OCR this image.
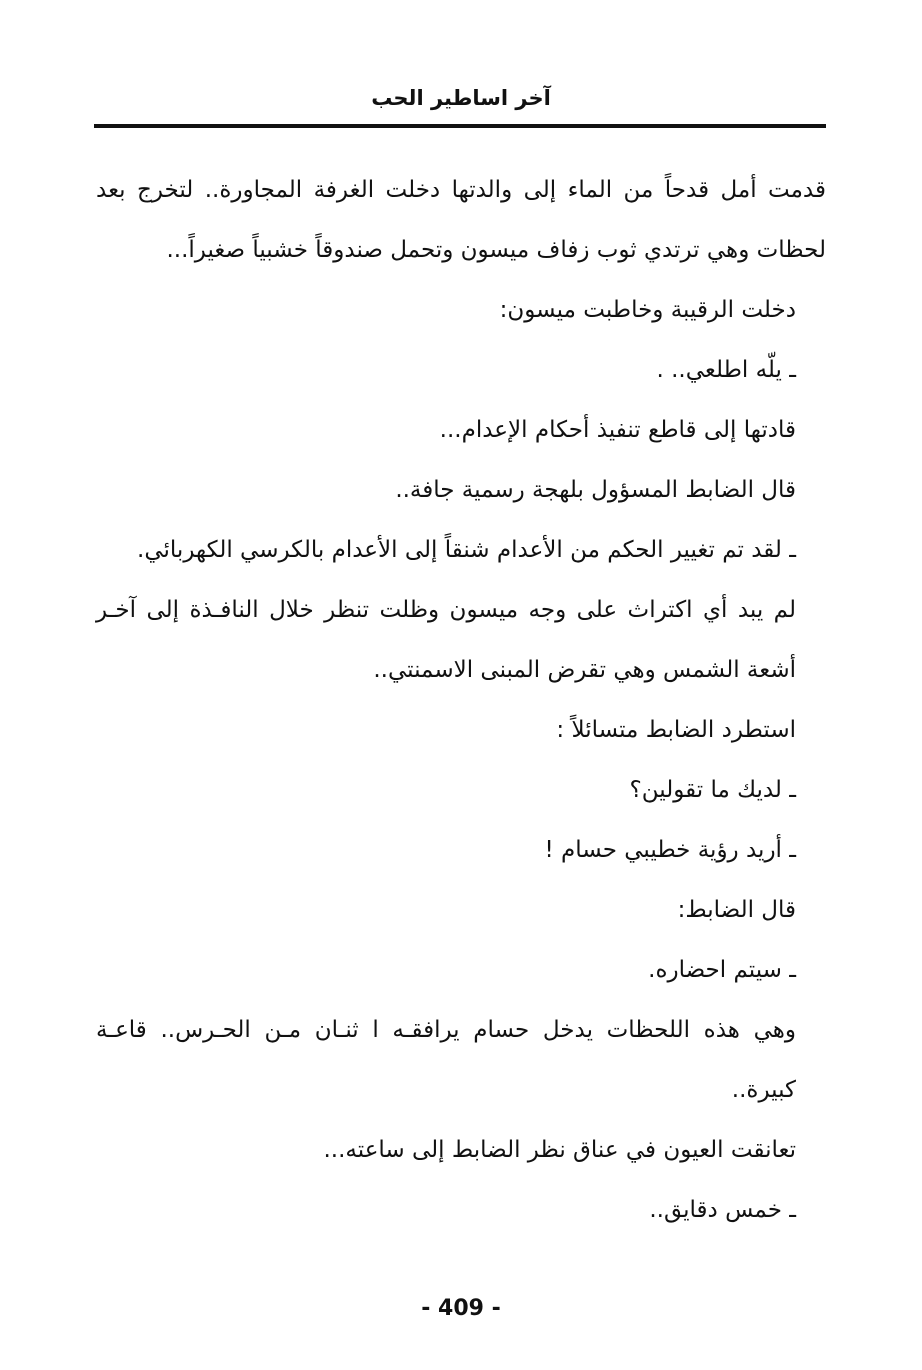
آخر اساطير الحب

قدمت أمل قدحاً من الماء إلى والدتها دخلت الغرفة المجاورة.. لتخرج بعد لحظات وهي ترتدي ثوب زفاف ميسون وتحمل صندوقاً خشبياً صغيراً...

دخلت الرقيبة وخاطبت ميسون:

ـ يلّه اطلعي.. .

قادتها إلى قاطع تنفيذ أحكام الإعدام...

قال الضابط المسؤول بلهجة رسمية جافة..

ـ لقد تم تغيير الحكم من الأعدام شنقاً إلى الأعدام بالكرسي الكهربائي.

لم يبد أي اكتراث على وجه ميسون وظلت تنظر خلال النافـذة إلى آخـر أشعة الشمس وهي تقرض المبنى الاسمنتي..

استطرد الضابط متسائلاً :

ـ لديك ما تقولين؟

ـ أريد رؤية خطيبي حسام !

قال الضابط:

ـ سيتم احضاره.

وهي هذه اللحظات يدخل حسام يرافقـه ا ثنـان مـن الحـرس.. قاعـة كبيرة..

تعانقت العيون في عناق نظر الضابط إلى ساعته...

ـ خمس دقايق..

- 409 -
